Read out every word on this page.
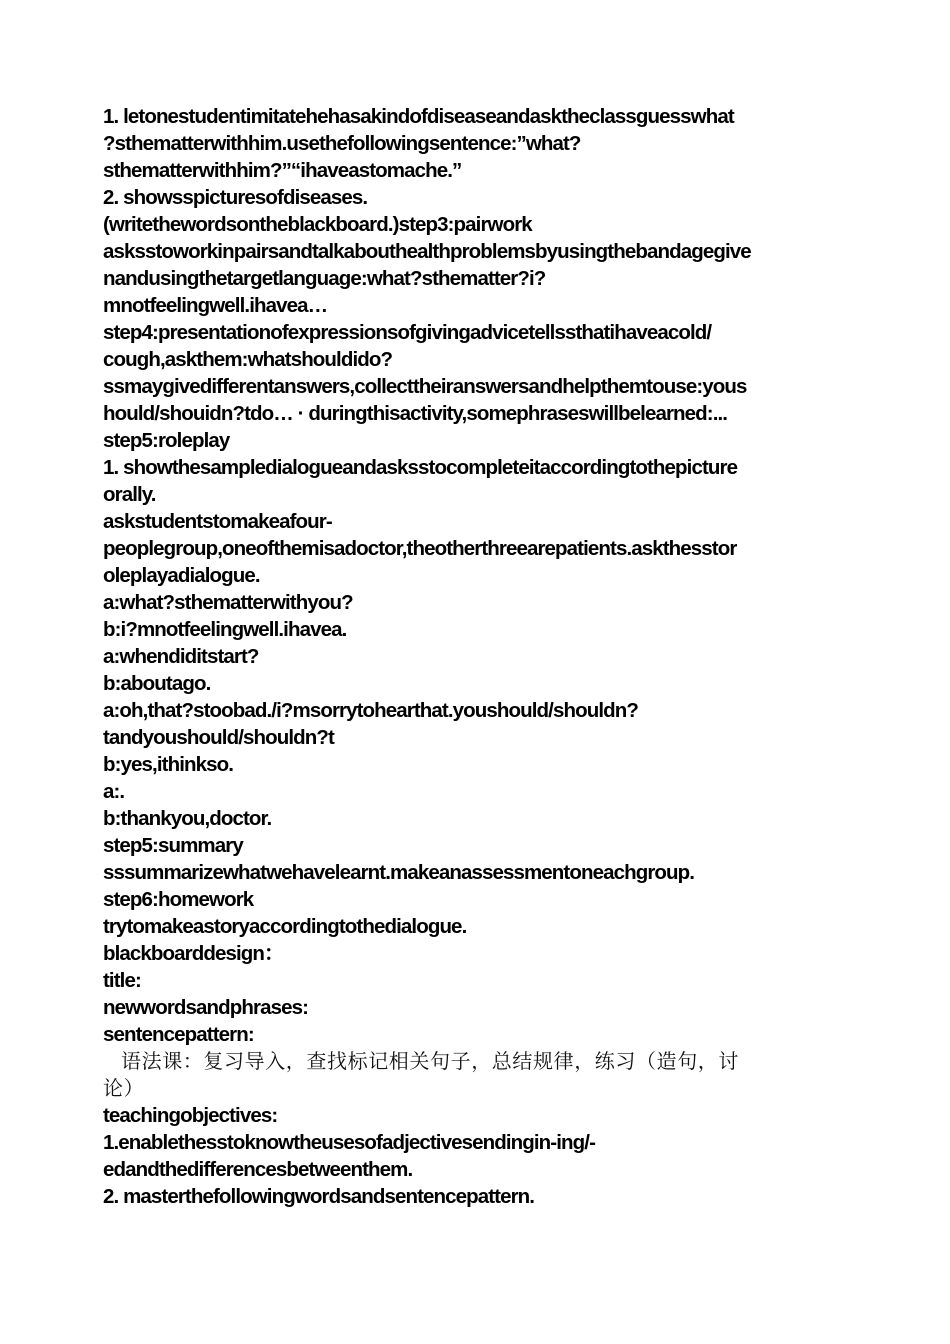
1. letonestudentimitatehehasakindofdiseaseandasktheclassguesswhat
?sthematterwithhim.usethefollowingsentence:”what?
sthematterwithhim?”“ihaveastomache.”
2. showsspicturesofdiseases.
(writethewordsontheblackboard.)step3:pairwork
asksstoworkinpairsandtalkabouthealthproblemsbyusingthebandagegive
nandusingthetargetlanguage:what?sthematter?i?
mnotfeelingwell.ihavea…
step4:presentationofexpressionsofgivingadvicetellssthatihaveacold/
cough,askthem:whatshouldido?
ssmaygivedifferentanswers,collecttheiranswersandhelpthemtouse:yous
hould/shouidn?tdo… · duringthisactivity,somephraseswillbelearned:...
step5:roleplay
1. showthesampledialogueandasksstocompleteitaccordingtothepicture
orally.
askstudentstomakeafour-
peoplegroup,oneofthemisadoctor,theotherthreearepatients.askthesstor
oleplayadialogue.
a:what?sthematterwithyou?
b:i?mnotfeelingwell.ihavea.
a:whendiditstart?
b:aboutago.
a:oh,that?stoobad./i?msorrytohearthat.youshould/shouldn?
tandyoushould/shouldn?t
b:yes,ithinkso.
a:.
b:thankyou,doctor.
step5:summary
sssummarizewhatwehavelearnt.makeanassessmentoneachgroup.
step6:homework
trytomakeastoryaccordingtothedialogue.
blackboarddesign：
title:
newwordsandphrases:
sentencepattern:
语法课：复习导入，查找标记相关句子，总结规律，练习（造句，讨
论）
teachingobjectives:
1.enablethesstoknowtheusesofadjectivesendingin-ing/-
edandthedifferencesbetweenthem.
2. masterthefollowingwordsandsentencepattern.
